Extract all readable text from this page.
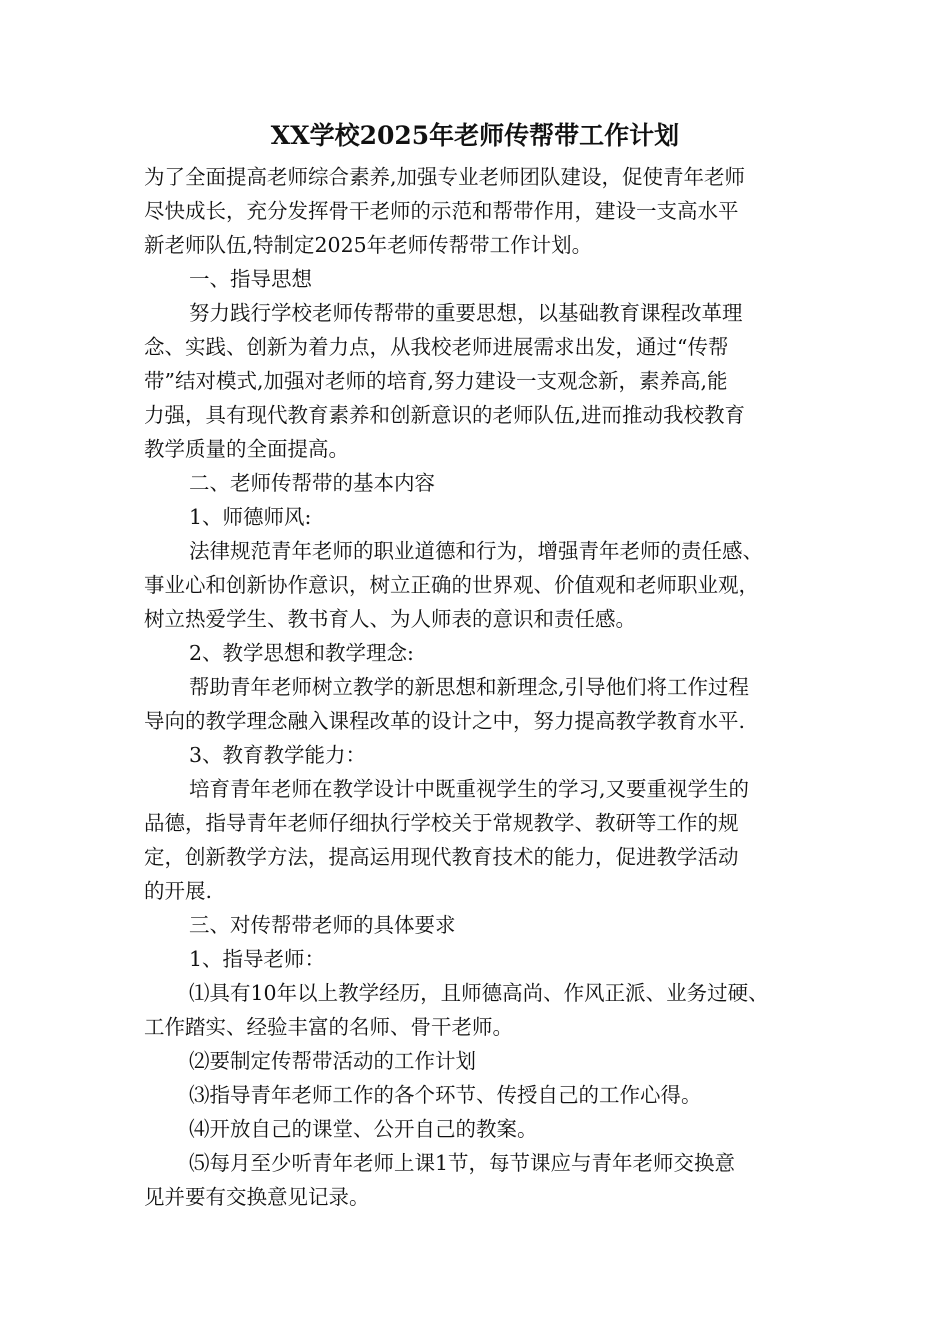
XX学校2025年老师传帮带工作计划
为了全面提高老师综合素养,加强专业老师团队建设，促使青年老师
尽快成长，充分发挥骨干老师的示范和帮带作用，建设一支高水平
新老师队伍,特制定2025年老师传帮带工作计划。
一、指导思想
努力践行学校老师传帮带的重要思想，以基础教育课程改革理
念、实践、创新为着力点，从我校老师进展需求出发，通过“传帮
带”结对模式,加强对老师的培育,努力建设一支观念新，素养高,能
力强，具有现代教育素养和创新意识的老师队伍,进而推动我校教育
教学质量的全面提高。
二、老师传帮带的基本内容
1、师德师风:
法律规范青年老师的职业道德和行为，增强青年老师的责任感、
事业心和创新协作意识，树立正确的世界观、价值观和老师职业观，
树立热爱学生、教书育人、为人师表的意识和责任感。
2、教学思想和教学理念:
帮助青年老师树立教学的新思想和新理念,引导他们将工作过程
导向的教学理念融入课程改革的设计之中，努力提高教学教育水平.
3、教育教学能力：
培育青年老师在教学设计中既重视学生的学习,又要重视学生的
品德，指导青年老师仔细执行学校关于常规教学、教研等工作的规
定，创新教学方法，提高运用现代教育技术的能力，促进教学活动
的开展.
三、对传帮带老师的具体要求
1、指导老师：
⑴具有10年以上教学经历，且师德高尚、作风正派、业务过硬、
工作踏实、经验丰富的名师、骨干老师。
⑵要制定传帮带活动的工作计划
⑶指导青年老师工作的各个环节、传授自己的工作心得。
⑷开放自己的课堂、公开自己的教案。
⑸每月至少听青年老师上课1节，每节课应与青年老师交换意
见并要有交换意见记录。
